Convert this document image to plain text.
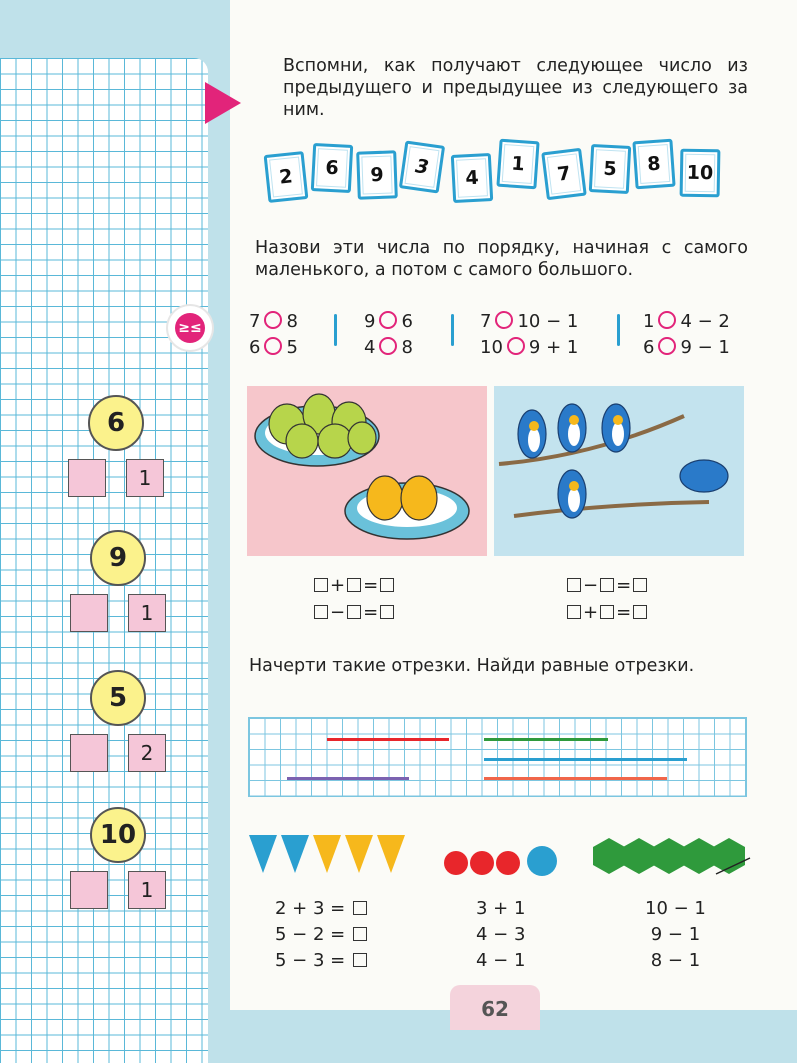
Вспомни, как получают следующее число из предыдущего и предыдущее из следующего за ним.
2	6	9	3	4
1	7	5	8	10
Назови эти числа по порядку, начиная с самого маленького, а потом с самого большого.
≥≤	7 8
6 5
9 6
4 8
7 10 − 1
10 9 + 1
1 4 − 2
6 9 − 1
+ =
− =
− =
+ =
Начерти такие отрезки. Найди равные отрезки.
2 + 3 =
5 − 2 =
5 − 3 =
3 + 1
4 − 3
4 − 1
10 − 1
9 − 1
8 − 1
6
1
9
1
5
2
10
1
62
